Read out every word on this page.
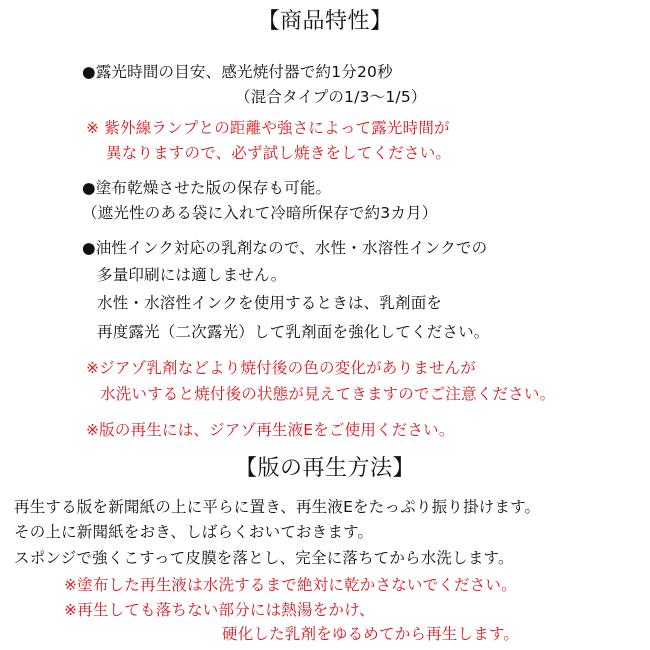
【商品特性】
●露光時間の目安、感光焼付器で約1分20秒
（混合タイプの1/3～1/5）
※ 紫外線ランプとの距離や強さによって露光時間が
異なりますので、必ず試し焼きをしてください。
●塗布乾燥させた版の保存も可能。
（遮光性のある袋に入れて冷暗所保存で約3カ月）
●油性インク対応の乳剤なので、水性・水溶性インクでの
多量印刷には適しません。
水性・水溶性インクを使用するときは、乳剤面を
再度露光（二次露光）して乳剤面を強化してください。
※ジアゾ乳剤などより焼付後の色の変化がありませんが
水洗いすると焼付後の状態が見えてきますのでご注意ください。
※版の再生には、ジアゾ再生液Eをご使用ください。
【版の再生方法】
再生する版を新聞紙の上に平らに置き、再生液Eをたっぷり振り掛けます。
その上に新聞紙をおき、しばらくおいておきます。
スポンジで強くこすって皮膜を落とし、完全に落ちてから水洗します。
※塗布した再生液は水洗するまで絶対に乾かさないでください。
※再生しても落ちない部分には熱湯をかけ、
硬化した乳剤をゆるめてから再生します。
